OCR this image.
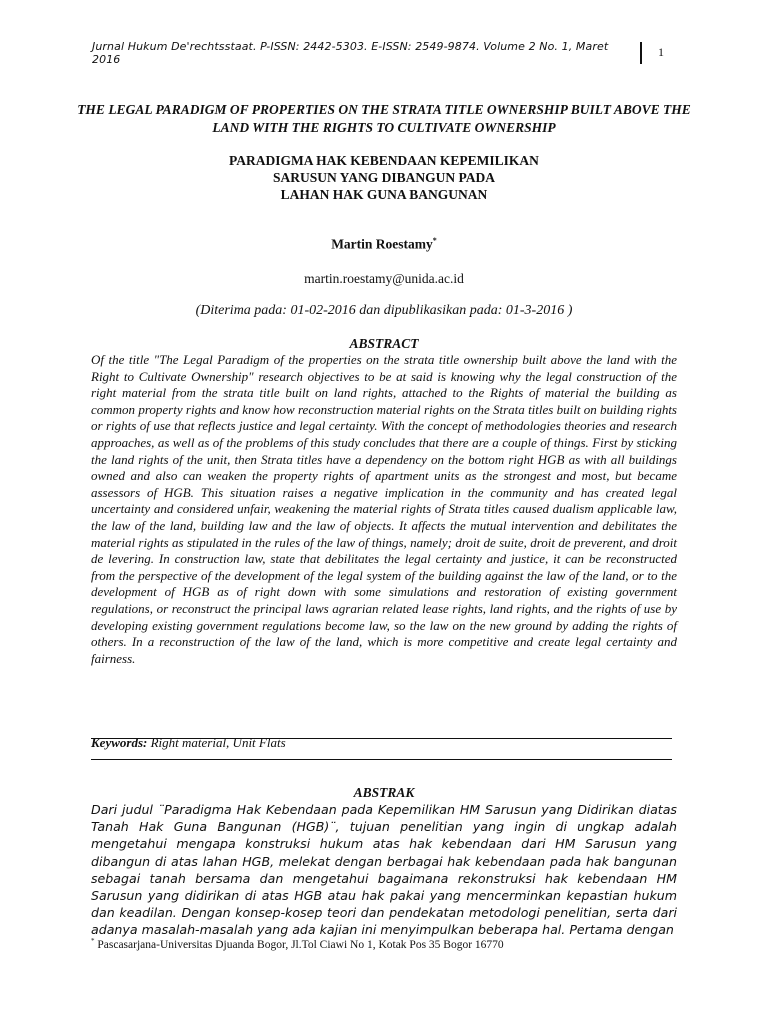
Jurnal Hukum De'rechtsstaat. P-ISSN: 2442-5303. E-ISSN: 2549-9874. Volume 2 No. 1, Maret 2016
1
THE LEGAL PARADIGM OF PROPERTIES ON THE STRATA TITLE OWNERSHIP BUILT ABOVE THE LAND WITH THE RIGHTS TO CULTIVATE OWNERSHIP
PARADIGMA HAK KEBENDAAN KEPEMILIKAN
SARUSUN YANG DIBANGUN PADA
LAHAN HAK GUNA BANGUNAN
Martin Roestamy*
martin.roestamy@unida.ac.id
(Diterima pada: 01-02-2016 dan dipublikasikan pada: 01-3-2016 )
ABSTRACT
Of the title "The Legal Paradigm of the properties on the strata title ownership built above the land with the Right to Cultivate Ownership" research objectives to be at said is knowing why the legal construction of the right material from the strata title built on land rights, attached to the Rights of material the building as common property rights and know how reconstruction material rights on the Strata titles built on building rights or rights of use that reflects justice and legal certainty. With the concept of methodologies theories and research approaches, as well as of the problems of this study concludes that there are a couple of things. First by sticking the land rights of the unit, then Strata titles have a dependency on the bottom right HGB as with all buildings owned and also can weaken the property rights of apartment units as the strongest and most, but became assessors of HGB. This situation raises a negative implication in the community and has created legal uncertainty and considered unfair, weakening the material rights of Strata titles caused dualism applicable law, the law of the land, building law and the law of objects. It affects the mutual intervention and debilitates the material rights as stipulated in the rules of the law of things, namely; droit de suite, droit de preverent, and droit de levering. In construction law, state that debilitates the legal certainty and justice, it can be reconstructed from the perspective of the development of the legal system of the building against the law of the land, or to the development of HGB as of right down with some simulations and restoration of existing government regulations, or reconstruct the principal laws agrarian related lease rights, land rights, and the rights of use by developing existing government regulations become law, so the law on the new ground by adding the rights of others. In a reconstruction of the law of the land, which is more competitive and create legal certainty and fairness.
Keywords: Right material, Unit Flats
ABSTRAK
Dari judul ¨Paradigma Hak Kebendaan pada Kepemilikan HM Sarusun yang Didirikan diatas Tanah Hak Guna Bangunan (HGB)¨, tujuan penelitian yang ingin di ungkap adalah mengetahui mengapa konstruksi hukum atas hak kebendaan dari HM Sarusun yang dibangun di atas lahan HGB, melekat dengan berbagai hak kebendaan pada hak bangunan sebagai tanah bersama dan mengetahui bagaimana rekonstruksi hak kebendaan HM Sarusun yang didirikan di atas HGB atau hak pakai yang mencerminkan kepastian hukum dan keadilan. Dengan konsep-kosep teori dan pendekatan metodologi penelitian, serta dari adanya masalah-masalah yang ada kajian ini menyimpulkan beberapa hal. Pertama dengan
* Pascasarjana-Universitas Djuanda Bogor, Jl.Tol Ciawi No 1, Kotak Pos 35 Bogor 16770
